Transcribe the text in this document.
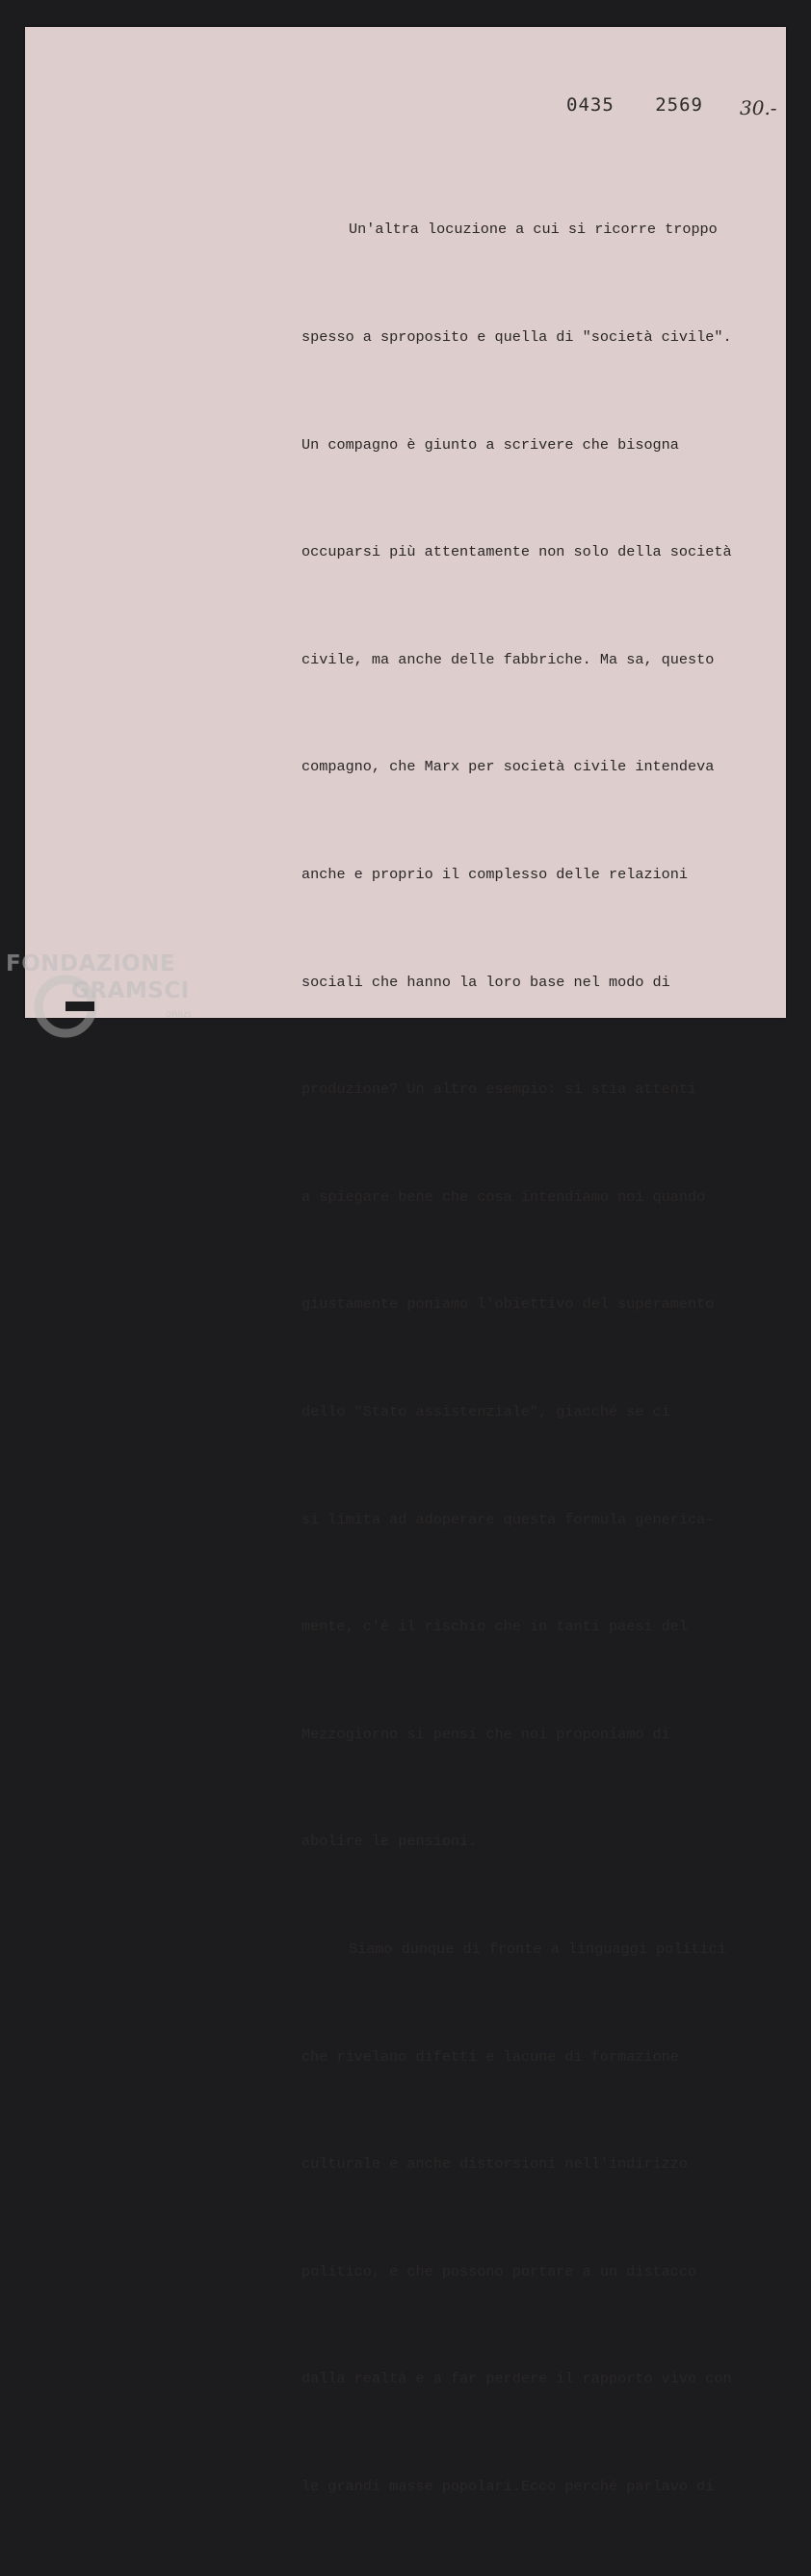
0435 2569 30.-

Un'altra locuzione a cui si ricorre troppo

spesso a sproposito e quella di "società civile".

Un compagno è giunto a scrivere che bisogna

occuparsi più attentamente non solo della società

civile, ma anche delle fabbriche. Ma sa, questo

compagno, che Marx per società civile intendeva

anche e proprio il complesso delle relazioni

sociali che hanno la loro base nel modo di

produzione? Un altro esempio: si stia attenti

a spiegare bene che cosa intendiamo noi quando

giustamente poniamo l'obiettivo del superamento

dello "Stato assistenziale", giacché se ci

si limita ad adoperare questa formula generica-

mente, c'è il rischio che in tanti paesi del

Mezzogiorno si pensi che noi proponiamo di

abolire le pensioni.

Siamo dunque di fronte a linguaggi politici

che rivelano difetti e lacune di formazione

culturale e anche distorsioni nell'indirizzo

politico, e che possono portare a un distacco

dalla realtà e a far perdere il rapporto vivo con

le grandi masse popolari.Ecco perché parlavo di

FONDAZIONE
GRAMSCI
onlus
